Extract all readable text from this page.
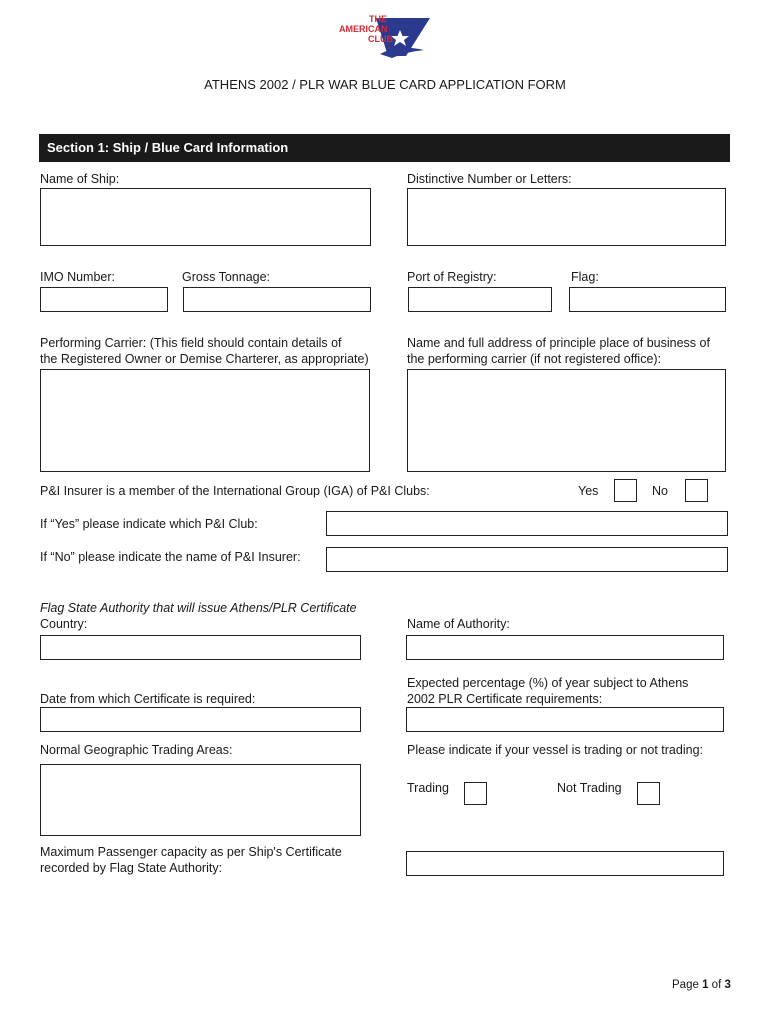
THE
AMERICAN
CLUB
ATHENS 2002 / PLR WAR BLUE CARD APPLICATION FORM
Section 1: Ship / Blue Card Information
Name of Ship:	Distinctive Number or Letters:
IMO Number:	Gross Tonnage:	Port of Registry:	Flag:
Performing Carrier: (This field should contain details of
the Registered Owner or Demise Charterer, as appropriate)
Name and full address of principle place of business of
the performing carrier (if not registered office):
P&I Insurer is a member of the International Group (IGA) of P&I Clubs:	Yes	No
If “Yes” please indicate which P&I Club:
If “No” please indicate the name of P&I Insurer:
Flag State Authority that will issue Athens/PLR Certificate
Country:	Name of Authority:
Expected percentage (%) of year subject to Athens
2002 PLR Certificate requirements:
Date from which Certificate is required:
Normal Geographic Trading Areas:	Please indicate if your vessel is trading or not trading:
Trading	Not Trading
Maximum Passenger capacity as per Ship's Certificate
recorded by Flag State Authority:
Page 1 of 3
